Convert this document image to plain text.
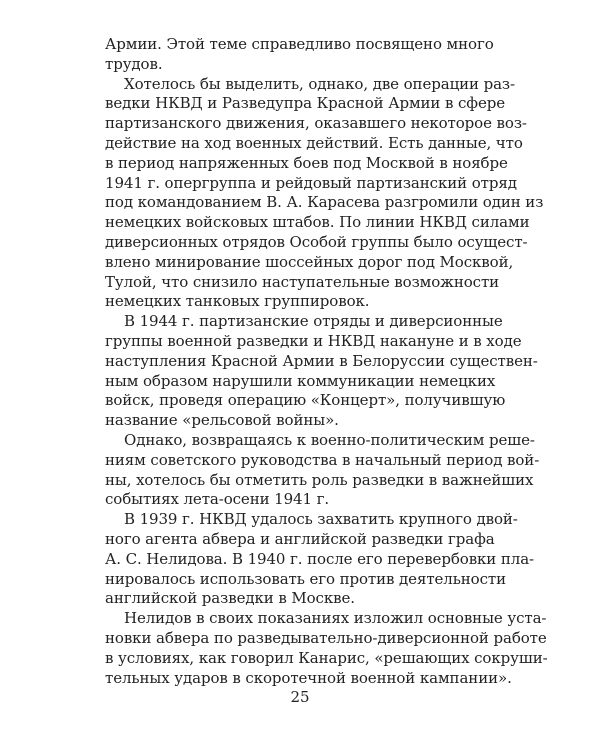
Армии. Этой теме справедливо посвящено много
трудов.
Хотелось бы выделить, однако, две операции раз-
ведки НКВД и Разведупра Красной Армии в сфере
партизанского движения, оказавшего некоторое воз-
действие на ход военных действий. Есть данные, что
в период напряженных боев под Москвой в ноябре
1941 г. опергруппа и рейдовый партизанский отряд
под командованием В. А. Карасева разгромили один из
немецких войсковых штабов. По линии НКВД силами
диверсионных отрядов Особой группы было осущест-
влено минирование шоссейных дорог под Москвой,
Тулой, что снизило наступательные возможности
немецких танковых группировок.
В 1944 г. партизанские отряды и диверсионные
группы военной разведки и НКВД накануне и в ходе
наступления Красной Армии в Белоруссии существен-
ным образом нарушили коммуникации немецких
войск, проведя операцию «Концерт», получившую
название «рельсовой войны».
Однако, возвращаясь к военно-политическим реше-
ниям советского руководства в начальный период вой-
ны, хотелось бы отметить роль разведки в важнейших
событиях лета-осени 1941 г.
В 1939 г. НКВД удалось захватить крупного двой-
ного агента абвера и английской разведки графа
А. С. Нелидова. В 1940 г. после его перевербовки пла-
нировалось использовать его против деятельности
английской разведки в Москве.
Нелидов в своих показаниях изложил основные уста-
новки абвера по разведывательно-диверсионной работе
в условиях, как говорил Канарис, «решающих сокруши-
тельных ударов в скоротечной военной кампании».
25
